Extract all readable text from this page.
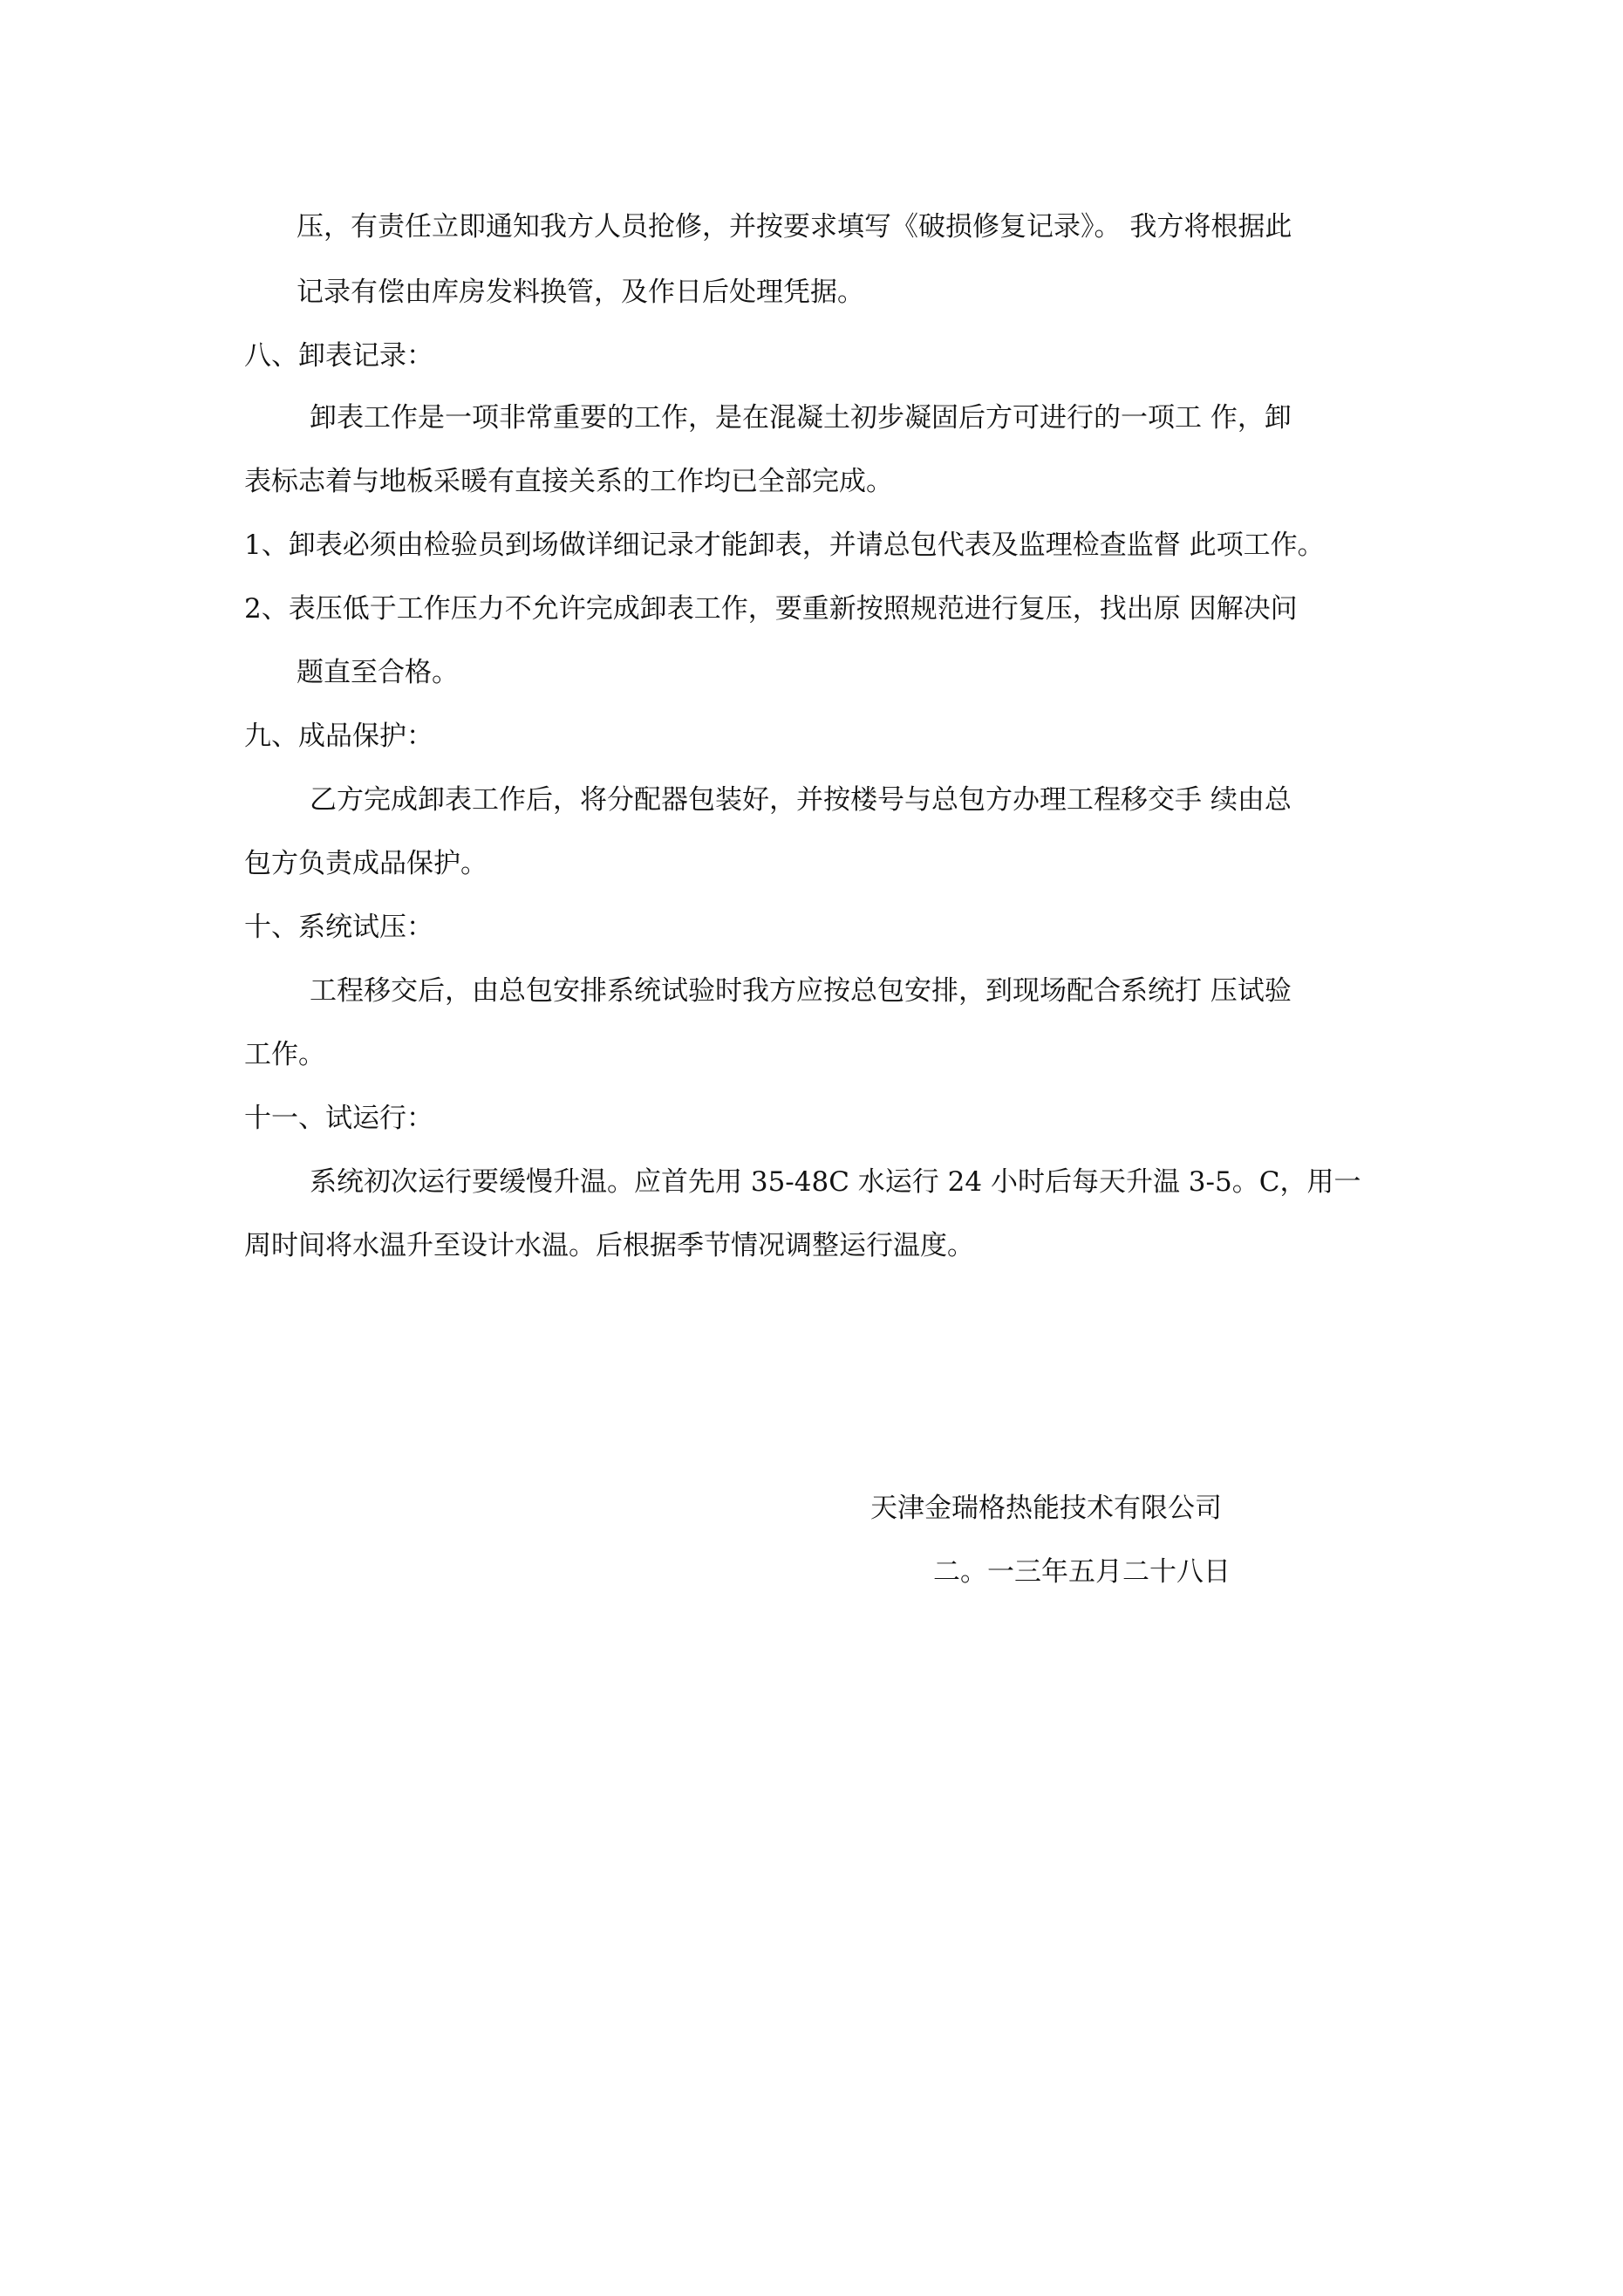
压，有责任立即通知我方人员抢修，并按要求填写《破损修复记录》。 我方将根据此
记录有偿由库房发料换管，及作日后处理凭据。
八、卸表记录：
卸表工作是一项非常重要的工作，是在混凝土初步凝固后方可进行的一项工 作，卸
表标志着与地板采暖有直接关系的工作均已全部完成。
1、卸表必须由检验员到场做详细记录才能卸表，并请总包代表及监理检查监督 此项工作。
2、表压低于工作压力不允许完成卸表工作，要重新按照规范进行复压，找出原 因解决问
题直至合格。
九、成品保护：
乙方完成卸表工作后，将分配器包装好，并按楼号与总包方办理工程移交手 续由总
包方负责成品保护。
十、系统试压：
工程移交后，由总包安排系统试验时我方应按总包安排，到现场配合系统打 压试验
工作。
十一、试运行：
系统初次运行要缓慢升温。应首先用 35-48C 水运行 24 小时后每天升温 3-5。C，用一
周时间将水温升至设计水温。后根据季节情况调整运行温度。
天津金瑞格热能技术有限公司
二。一三年五月二十八日
